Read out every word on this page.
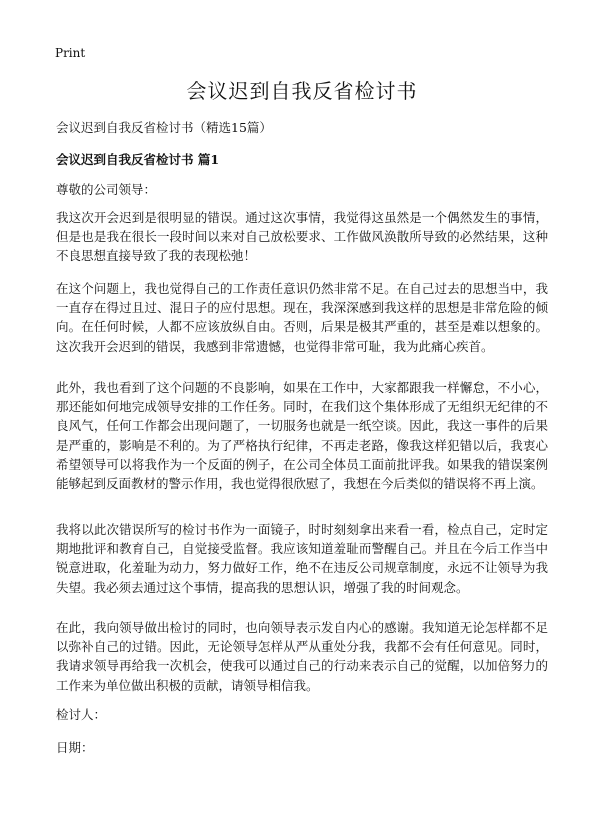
Print
会议迟到自我反省检讨书

会议迟到自我反省检讨书（精选15篇）

会议迟到自我反省检讨书 篇1

尊敬的公司领导：

我这次开会迟到是很明显的错误。通过这次事情，我觉得这虽然是一个偶然发生的事情，但是也是我在很长一段时间以来对自己放松要求、工作做风涣散所导致的必然结果，这种不良思想直接导致了我的表现松弛！

在这个问题上，我也觉得自己的工作责任意识仍然非常不足。在自己过去的思想当中，我一直存在得过且过、混日子的应付思想。现在，我深深感到我这样的思想是非常危险的倾向。在任何时候，人都不应该放纵自由。否则，后果是极其严重的，甚至是难以想象的。这次我开会迟到的错误，我感到非常遗憾，也觉得非常可耻，我为此痛心疾首。

此外，我也看到了这个问题的不良影响，如果在工作中，大家都跟我一样懈怠，不小心，那还能如何地完成领导安排的工作任务。同时，在我们这个集体形成了无组织无纪律的不良风气，任何工作都会出现问题了，一切服务也就是一纸空谈。因此，我这一事件的后果是严重的，影响是不利的。为了严格执行纪律，不再走老路，像我这样犯错以后，我衷心希望领导可以将我作为一个反面的例子，在公司全体员工面前批评我。如果我的错误案例能够起到反面教材的警示作用，我也觉得很欣慰了，我想在今后类似的错误将不再上演。

我将以此次错误所写的检讨书作为一面镜子，时时刻刻拿出来看一看，检点自己，定时定期地批评和教育自己，自觉接受监督。我应该知道羞耻而警醒自己。并且在今后工作当中锐意进取，化羞耻为动力，努力做好工作，绝不在违反公司规章制度，永远不让领导为我失望。我必须去通过这个事情，提高我的思想认识，增强了我的时间观念。

在此，我向领导做出检讨的同时，也向领导表示发自内心的感谢。我知道无论怎样都不足以弥补自己的过错。因此，无论领导怎样从严从重处分我，我都不会有任何意见。同时，我请求领导再给我一次机会，使我可以通过自己的行动来表示自己的觉醒，以加倍努力的工作来为单位做出积极的贡献，请领导相信我。

检讨人：

日期：
